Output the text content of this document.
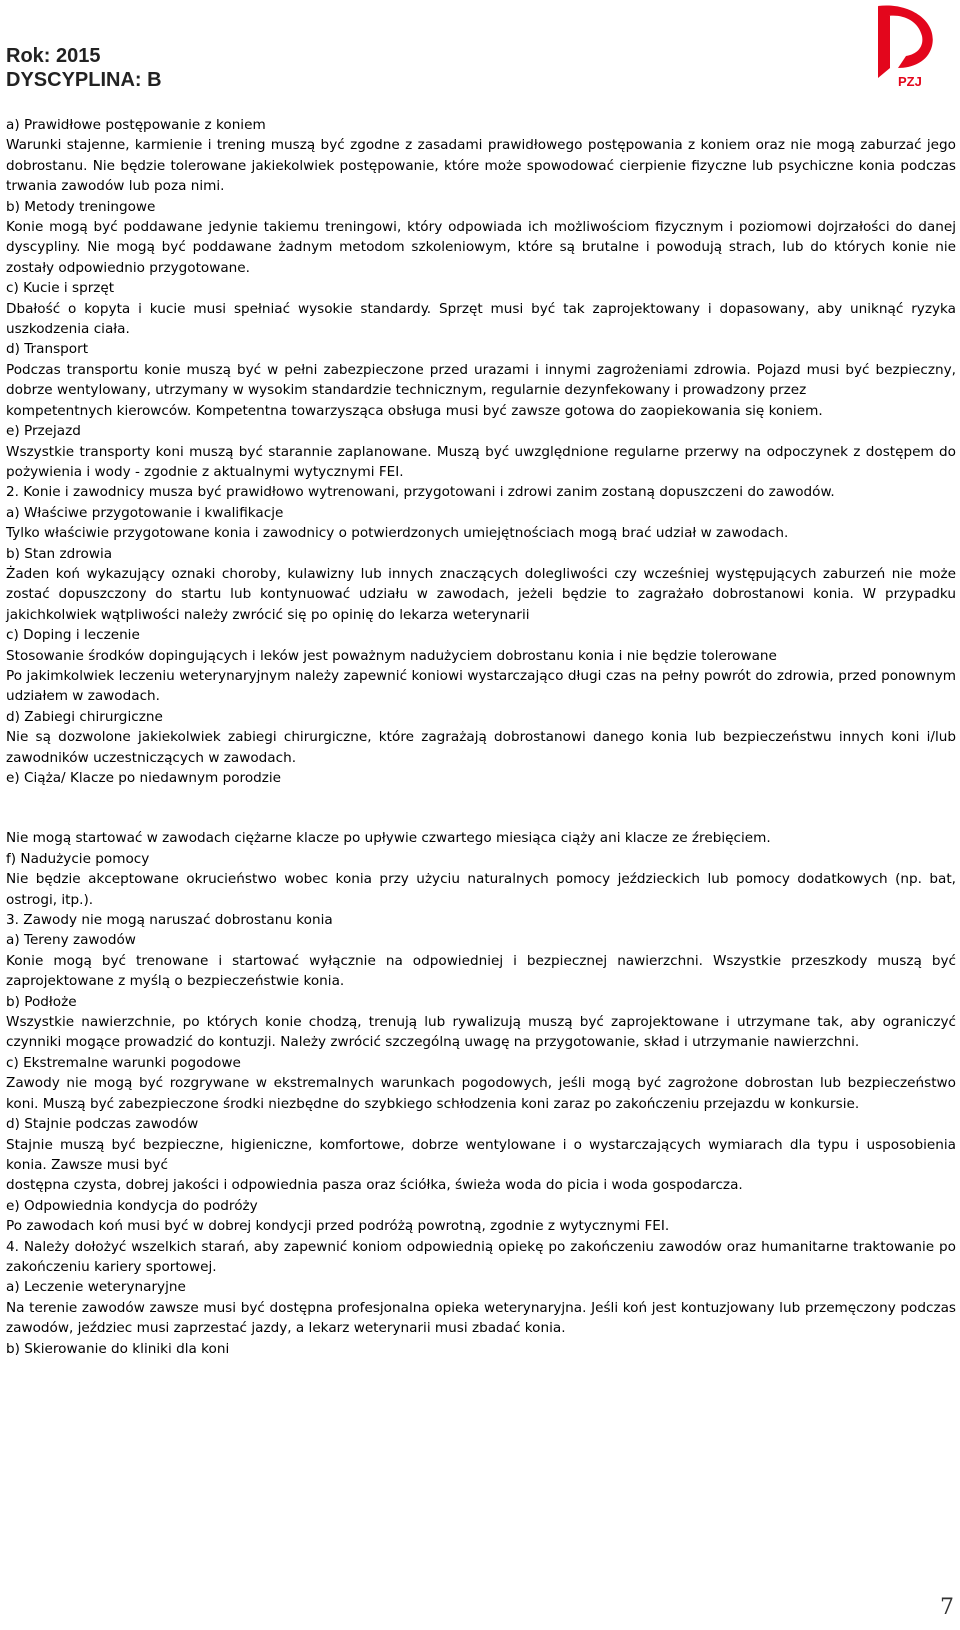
Rok: 2015
DYSCYPLINA: B	PZJ

a) Prawidłowe postępowanie z koniem

Warunki stajenne, karmienie i trening muszą być zgodne z zasadami prawidłowego postępowania z koniem oraz nie mogą zaburzać jego dobrostanu. Nie będzie tolerowane jakiekolwiek postępowanie, które może spowodować cierpienie fizyczne lub psychiczne konia podczas trwania zawodów lub poza nimi.

b) Metody treningowe

Konie mogą być poddawane jedynie takiemu treningowi, który odpowiada ich możliwościom fizycznym i poziomowi dojrzałości do danej dyscypliny. Nie mogą być poddawane żadnym metodom szkoleniowym, które są brutalne i powodują strach, lub do których konie nie zostały odpowiednio przygotowane.

c) Kucie i sprzęt

Dbałość o kopyta i kucie musi spełniać wysokie standardy. Sprzęt musi być tak zaprojektowany i dopasowany, aby uniknąć ryzyka uszkodzenia ciała.

d) Transport

Podczas transportu konie muszą być w pełni zabezpieczone przed urazami i innymi zagrożeniami zdrowia. Pojazd musi być bezpieczny, dobrze wentylowany, utrzymany w wysokim standardzie technicznym, regularnie dezynfekowany i prowadzony przez

kompetentnych kierowców. Kompetentna towarzysząca obsługa musi być zawsze gotowa do zaopiekowania się koniem.

e) Przejazd

Wszystkie transporty koni muszą być starannie zaplanowane. Muszą być uwzględnione regularne przerwy na odpoczynek z dostępem do pożywienia i wody - zgodnie z aktualnymi wytycznymi FEI.

2. Konie i zawodnicy musza być prawidłowo wytrenowani, przygotowani i zdrowi zanim zostaną dopuszczeni do zawodów.

a) Właściwe przygotowanie i kwalifikacje

Tylko właściwie przygotowane konia i zawodnicy o potwierdzonych umiejętnościach mogą brać udział w zawodach.

b) Stan zdrowia

Żaden koń wykazujący oznaki choroby, kulawizny lub innych znaczących dolegliwości czy wcześniej występujących zaburzeń nie może zostać dopuszczony do startu lub kontynuować udziału w zawodach, jeżeli będzie to zagrażało dobrostanowi konia. W przypadku jakichkolwiek wątpliwości należy zwrócić się po opinię do lekarza weterynarii

c) Doping i leczenie

Stosowanie środków dopingujących i leków jest poważnym nadużyciem dobrostanu konia i nie będzie tolerowane

Po jakimkolwiek leczeniu weterynaryjnym należy zapewnić koniowi wystarczająco długi czas na pełny powrót do zdrowia, przed ponownym udziałem w zawodach.

d) Zabiegi chirurgiczne

Nie są dozwolone jakiekolwiek zabiegi chirurgiczne, które zagrażają dobrostanowi danego konia lub bezpieczeństwu innych koni i/lub zawodników uczestniczących w zawodach.

e) Ciąża/ Klacze po niedawnym porodzie

Nie mogą startować w zawodach ciężarne klacze po upływie czwartego miesiąca ciąży ani klacze ze źrebięciem.

f) Nadużycie pomocy

Nie będzie akceptowane okrucieństwo wobec konia przy użyciu naturalnych pomocy jeździeckich lub pomocy dodatkowych (np. bat, ostrogi, itp.).

3. Zawody nie mogą naruszać dobrostanu konia

a) Tereny zawodów

Konie mogą być trenowane i startować wyłącznie na odpowiedniej i bezpiecznej nawierzchni. Wszystkie przeszkody muszą być zaprojektowane z myślą o bezpieczeństwie konia.

b) Podłoże

Wszystkie nawierzchnie, po których konie chodzą, trenują lub rywalizują muszą być zaprojektowane i utrzymane tak, aby ograniczyć czynniki mogące prowadzić do kontuzji. Należy zwrócić szczególną uwagę na przygotowanie, skład i utrzymanie nawierzchni.

c) Ekstremalne warunki pogodowe

Zawody nie mogą być rozgrywane w ekstremalnych warunkach pogodowych, jeśli mogą być zagrożone dobrostan lub bezpieczeństwo koni. Muszą być zabezpieczone środki niezbędne do szybkiego schłodzenia koni zaraz po zakończeniu przejazdu w konkursie.

d) Stajnie podczas zawodów

Stajnie muszą być bezpieczne, higieniczne, komfortowe, dobrze wentylowane i o wystarczających wymiarach dla typu i usposobienia konia. Zawsze musi być

dostępna czysta, dobrej jakości i odpowiednia pasza oraz ściółka, świeża woda do picia i woda gospodarcza.

e) Odpowiednia kondycja do podróży

Po zawodach koń musi być w dobrej kondycji przed podróżą powrotną, zgodnie z wytycznymi FEI.

4. Należy dołożyć wszelkich starań, aby zapewnić koniom odpowiednią opiekę po zakończeniu zawodów oraz humanitarne traktowanie po zakończeniu kariery sportowej.

a) Leczenie weterynaryjne

Na terenie zawodów zawsze musi być dostępna profesjonalna opieka weterynaryjna. Jeśli koń jest kontuzjowany lub przemęczony podczas zawodów, jeździec musi zaprzestać jazdy, a lekarz weterynarii musi zbadać konia.

b) Skierowanie do kliniki dla koni

7
